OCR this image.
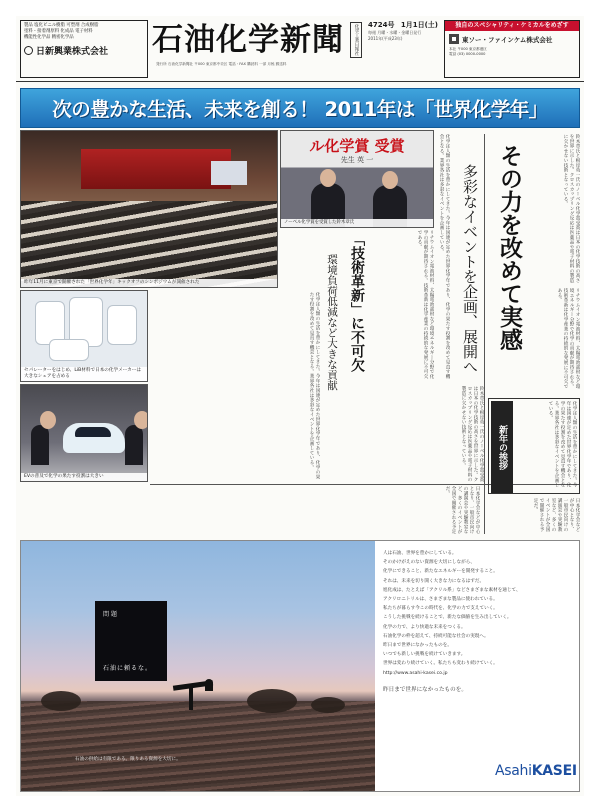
製品 塩化ビニル樹脂 可塑剤 合成樹脂
塗料・接着剤原料 化成品 電子材料
機能性化学品 精密化学品
日新興業株式会社 石油化学新聞	化学工業日報社
発行所 石油化学新聞社 〒000 東京都中央区 電話・FAX 購読料 一部 月極 郵送料
4724号 1月1日(土)
毎週 月曜・水曜・金曜日発行
2011年(平成23年)
独自のスペシャリティ・ケミカルをめざす
東ソー・ファインケム株式会社
本社 〒000 東京都港区
電話 (03) 0000-0000
次の豊かな生活、未来を創る！ 2011年は「世界化学年」
昨年11月に東京で開催された「世界化学年」キックオフのシンポジウムが開催された
ル化学賞 受賞
先生 英 一
ノーベル化学賞を受賞した鈴木章氏
セパレーターをはじめ、LiB材料で日本の化学メーカーは大きなシェアを占める
EVの普及で化学の果たす役割は大きい
その力を改めて実感
多彩なイベントを企画、展開へ
「技術革新」に不可欠
環境負荷低減など大きな貢献	化学は人類の生活を豊かにしてきた。今年は国連が定めた世界化学年であり、化学の果たす役割を改めて見直す機会となる。業界各社は多彩なイベントを企画している。	鈴木章氏と根岸英一氏のノーベル化学賞受賞は日本の化学技術の高さを世界に示した。クロスカップリング反応は医薬品や電子材料の製造に欠かせない技術となっている。
リチウムイオン電池材料、太陽電池部材など環境エネルギー分野で化学の貢献が期待される。技術革新は化学産業の持続的な発展に不可欠である。
化学は人類の生活を豊かにしてきた。今年は国連が定めた世界化学年であり、化学の果たす役割を改めて見直す機会となる。業界各社は多彩なイベントを企画している。
日本化学会などが中心となり、一般市民向けの講演会や実験教室など、多くのイベントが全国で開催される予定だ。
鈴木章氏と根岸英一氏のノーベル化学賞受賞は日本の化学技術の高さを世界に示した。クロスカップリング反応は医薬品や電子材料の製造に欠かせない技術となっている。
リチウムイオン電池材料、太陽電池部材など環境エネルギー分野で化学の貢献が期待される。技術革新は化学産業の持続的な発展に不可欠である。
日本化学会などが中心となり、一般市民向けの講演会や実験教室など、多くのイベントが全国で開催される予定だ。
新年の挨拶	化学は人類の生活を豊かにしてきた。今年は国連が定めた世界化学年であり、化学の果たす役割を改めて見直す機会となる。業界各社は多彩なイベントを企画している。
問題
石油に頼るな。
石油の供給は有限である。限りある資源を大切に。

人は石油、世界を豊かにしている。

そのかけがえのない資源を大切にしながら、

化学にできること、新たなエネルギーを開発すること。

それは、未来を切り開く大きな力になるはずだ。

旭化成は、たとえば「アクリル系」などさまざまな素材を通じて、

アクリロニトリルは、さまざまな製品に使われている。

私たちが暮らす今この時代を、化学の力で支えていく。

こうした挑戦を続けることで、新たな価値を生み出していく。

化学の力で、より快適な未来をつくる。

石油化学の枠を超えて、持続可能な社会の実現へ。

昨日まで世界になかったものを。

いつでも新しい挑戦を続けていきます。

世界は変わり続けていく。私たちも変わり続けていく。

http://www.asahi-kasei.co.jp

昨日まで世界になかったものを。

AsahiKASEI
